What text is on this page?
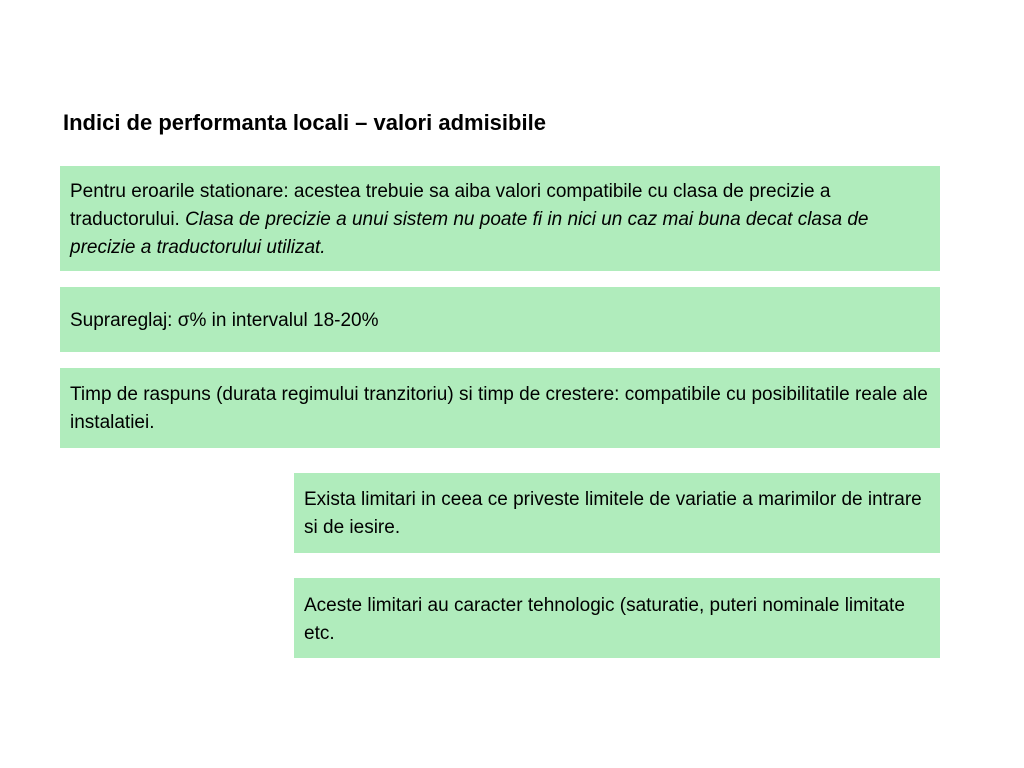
Indici de performanta locali – valori admisibile

Pentru eroarile stationare: acestea trebuie sa aiba valori compatibile cu clasa de precizie a traductorului. Clasa de precizie a unui sistem nu poate fi in nici un caz mai buna decat clasa de precizie a traductorului utilizat.

Suprareglaj: σ% in intervalul 18-20%

Timp de raspuns (durata regimului tranzitoriu) si timp de crestere: compatibile cu posibilitatile reale ale instalatiei.

Exista limitari in ceea ce priveste limitele de variatie a marimilor de intrare si de iesire.

Aceste limitari au caracter tehnologic (saturatie, puteri nominale limitate etc.
